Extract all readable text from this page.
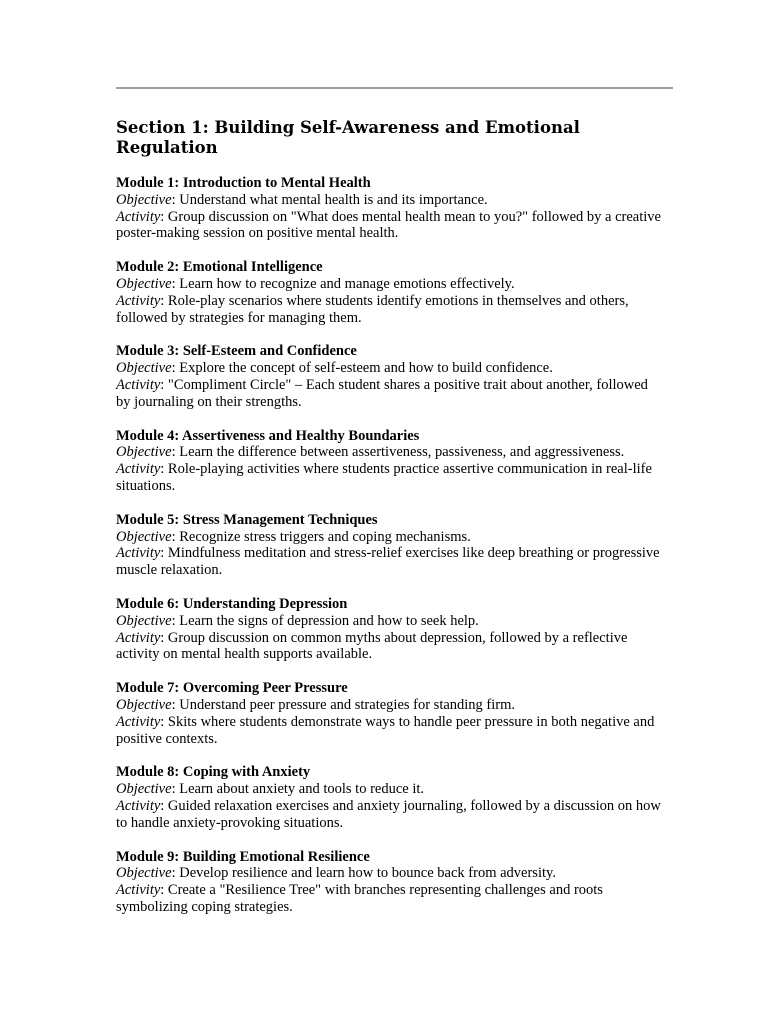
Section 1: Building Self-Awareness and Emotional Regulation
Module 1: Introduction to Mental Health
Objective: Understand what mental health is and its importance.
Activity: Group discussion on "What does mental health mean to you?" followed by a creative poster-making session on positive mental health.
Module 2: Emotional Intelligence
Objective: Learn how to recognize and manage emotions effectively.
Activity: Role-play scenarios where students identify emotions in themselves and others, followed by strategies for managing them.
Module 3: Self-Esteem and Confidence
Objective: Explore the concept of self-esteem and how to build confidence.
Activity: "Compliment Circle" – Each student shares a positive trait about another, followed by journaling on their strengths.
Module 4: Assertiveness and Healthy Boundaries
Objective: Learn the difference between assertiveness, passiveness, and aggressiveness.
Activity: Role-playing activities where students practice assertive communication in real-life situations.
Module 5: Stress Management Techniques
Objective: Recognize stress triggers and coping mechanisms.
Activity: Mindfulness meditation and stress-relief exercises like deep breathing or progressive muscle relaxation.
Module 6: Understanding Depression
Objective: Learn the signs of depression and how to seek help.
Activity: Group discussion on common myths about depression, followed by a reflective activity on mental health supports available.
Module 7: Overcoming Peer Pressure
Objective: Understand peer pressure and strategies for standing firm.
Activity: Skits where students demonstrate ways to handle peer pressure in both negative and positive contexts.
Module 8: Coping with Anxiety
Objective: Learn about anxiety and tools to reduce it.
Activity: Guided relaxation exercises and anxiety journaling, followed by a discussion on how to handle anxiety-provoking situations.
Module 9: Building Emotional Resilience
Objective: Develop resilience and learn how to bounce back from adversity.
Activity: Create a "Resilience Tree" with branches representing challenges and roots symbolizing coping strategies.
